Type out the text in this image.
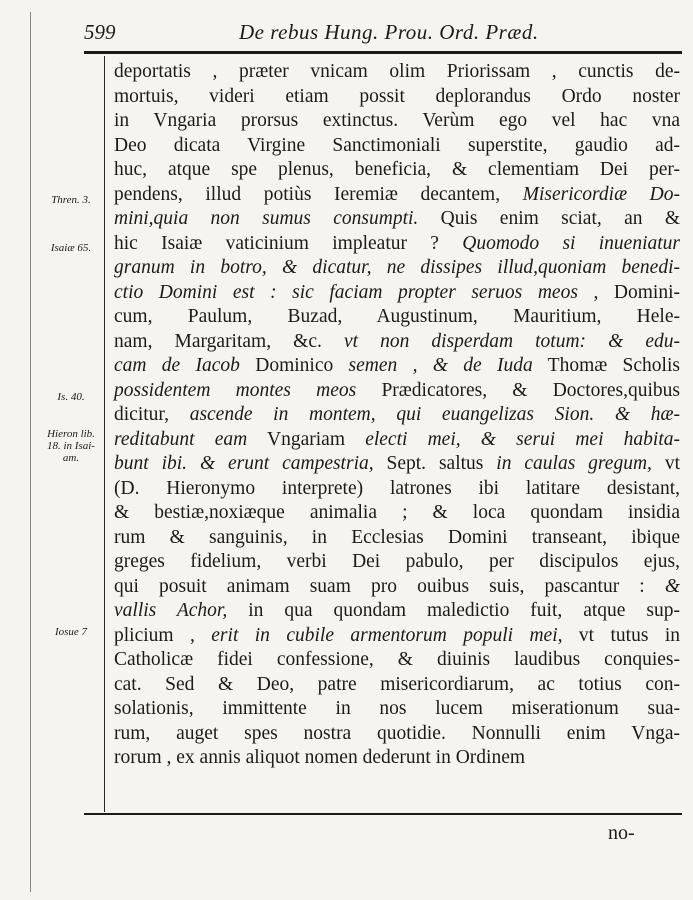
599	De rebus Hung. Prou. Ord. Præd.
Thren. 3.
Isaiæ 65.
Is. 40.
Hieron lib. 18. in Isai- am.
Iosue 7
deportatis , præter vnicam olim Priorissam , cunctis de-
mortuis, videri etiam possit deplorandus Ordo noster
in Vngaria prorsus extinctus. Verùm ego vel hac vna
Deo dicata Virgine Sanctimoniali superstite, gaudio ad-
huc, atque spe plenus, beneficia, & clementiam Dei per-
pendens, illud potiùs Ieremiæ decantem, Misericordiæ Do-
mini,quia non sumus consumpti. Quis enim sciat, an &
hic Isaiæ vaticinium impleatur ? Quomodo si inueniatur
granum in botro, & dicatur, ne dissipes illud,quoniam benedi-
ctio Domini est : sic faciam propter seruos meos , Domini-
cum, Paulum, Buzad, Augustinum, Mauritium, Hele-
nam, Margaritam, &c. vt non disperdam totum: & edu-
cam de Iacob Dominico semen , & de Iuda Thomæ Scholis
possidentem montes meos Prædicatores, & Doctores,quibus
dicitur, ascende in montem, qui euangelizas Sion. & hæ-
reditabunt eam Vngariam electi mei, & serui mei habita-
bunt ibi. & erunt campestria, Sept. saltus in caulas gregum, vt
(D. Hieronymo interprete) latrones ibi latitare desistant,
& bestiæ,noxiæque animalia ; & loca quondam insidia
rum & sanguinis, in Ecclesias Domini transeant, ibique
greges fidelium, verbi Dei pabulo, per discipulos ejus,
qui posuit animam suam pro ouibus suis, pascantur : &
vallis Achor, in qua quondam maledictio fuit, atque sup-
plicium , erit in cubile armentorum populi mei, vt tutus in
Catholicæ fidei confessione, & diuinis laudibus conquies-
cat. Sed & Deo, patre misericordiarum, ac totius con-
solationis, immittente in nos lucem miserationum sua-
rum, auget spes nostra quotidie. Nonnulli enim Vnga-
rorum , ex annis aliquot nomen dederunt in Ordinem
no-
